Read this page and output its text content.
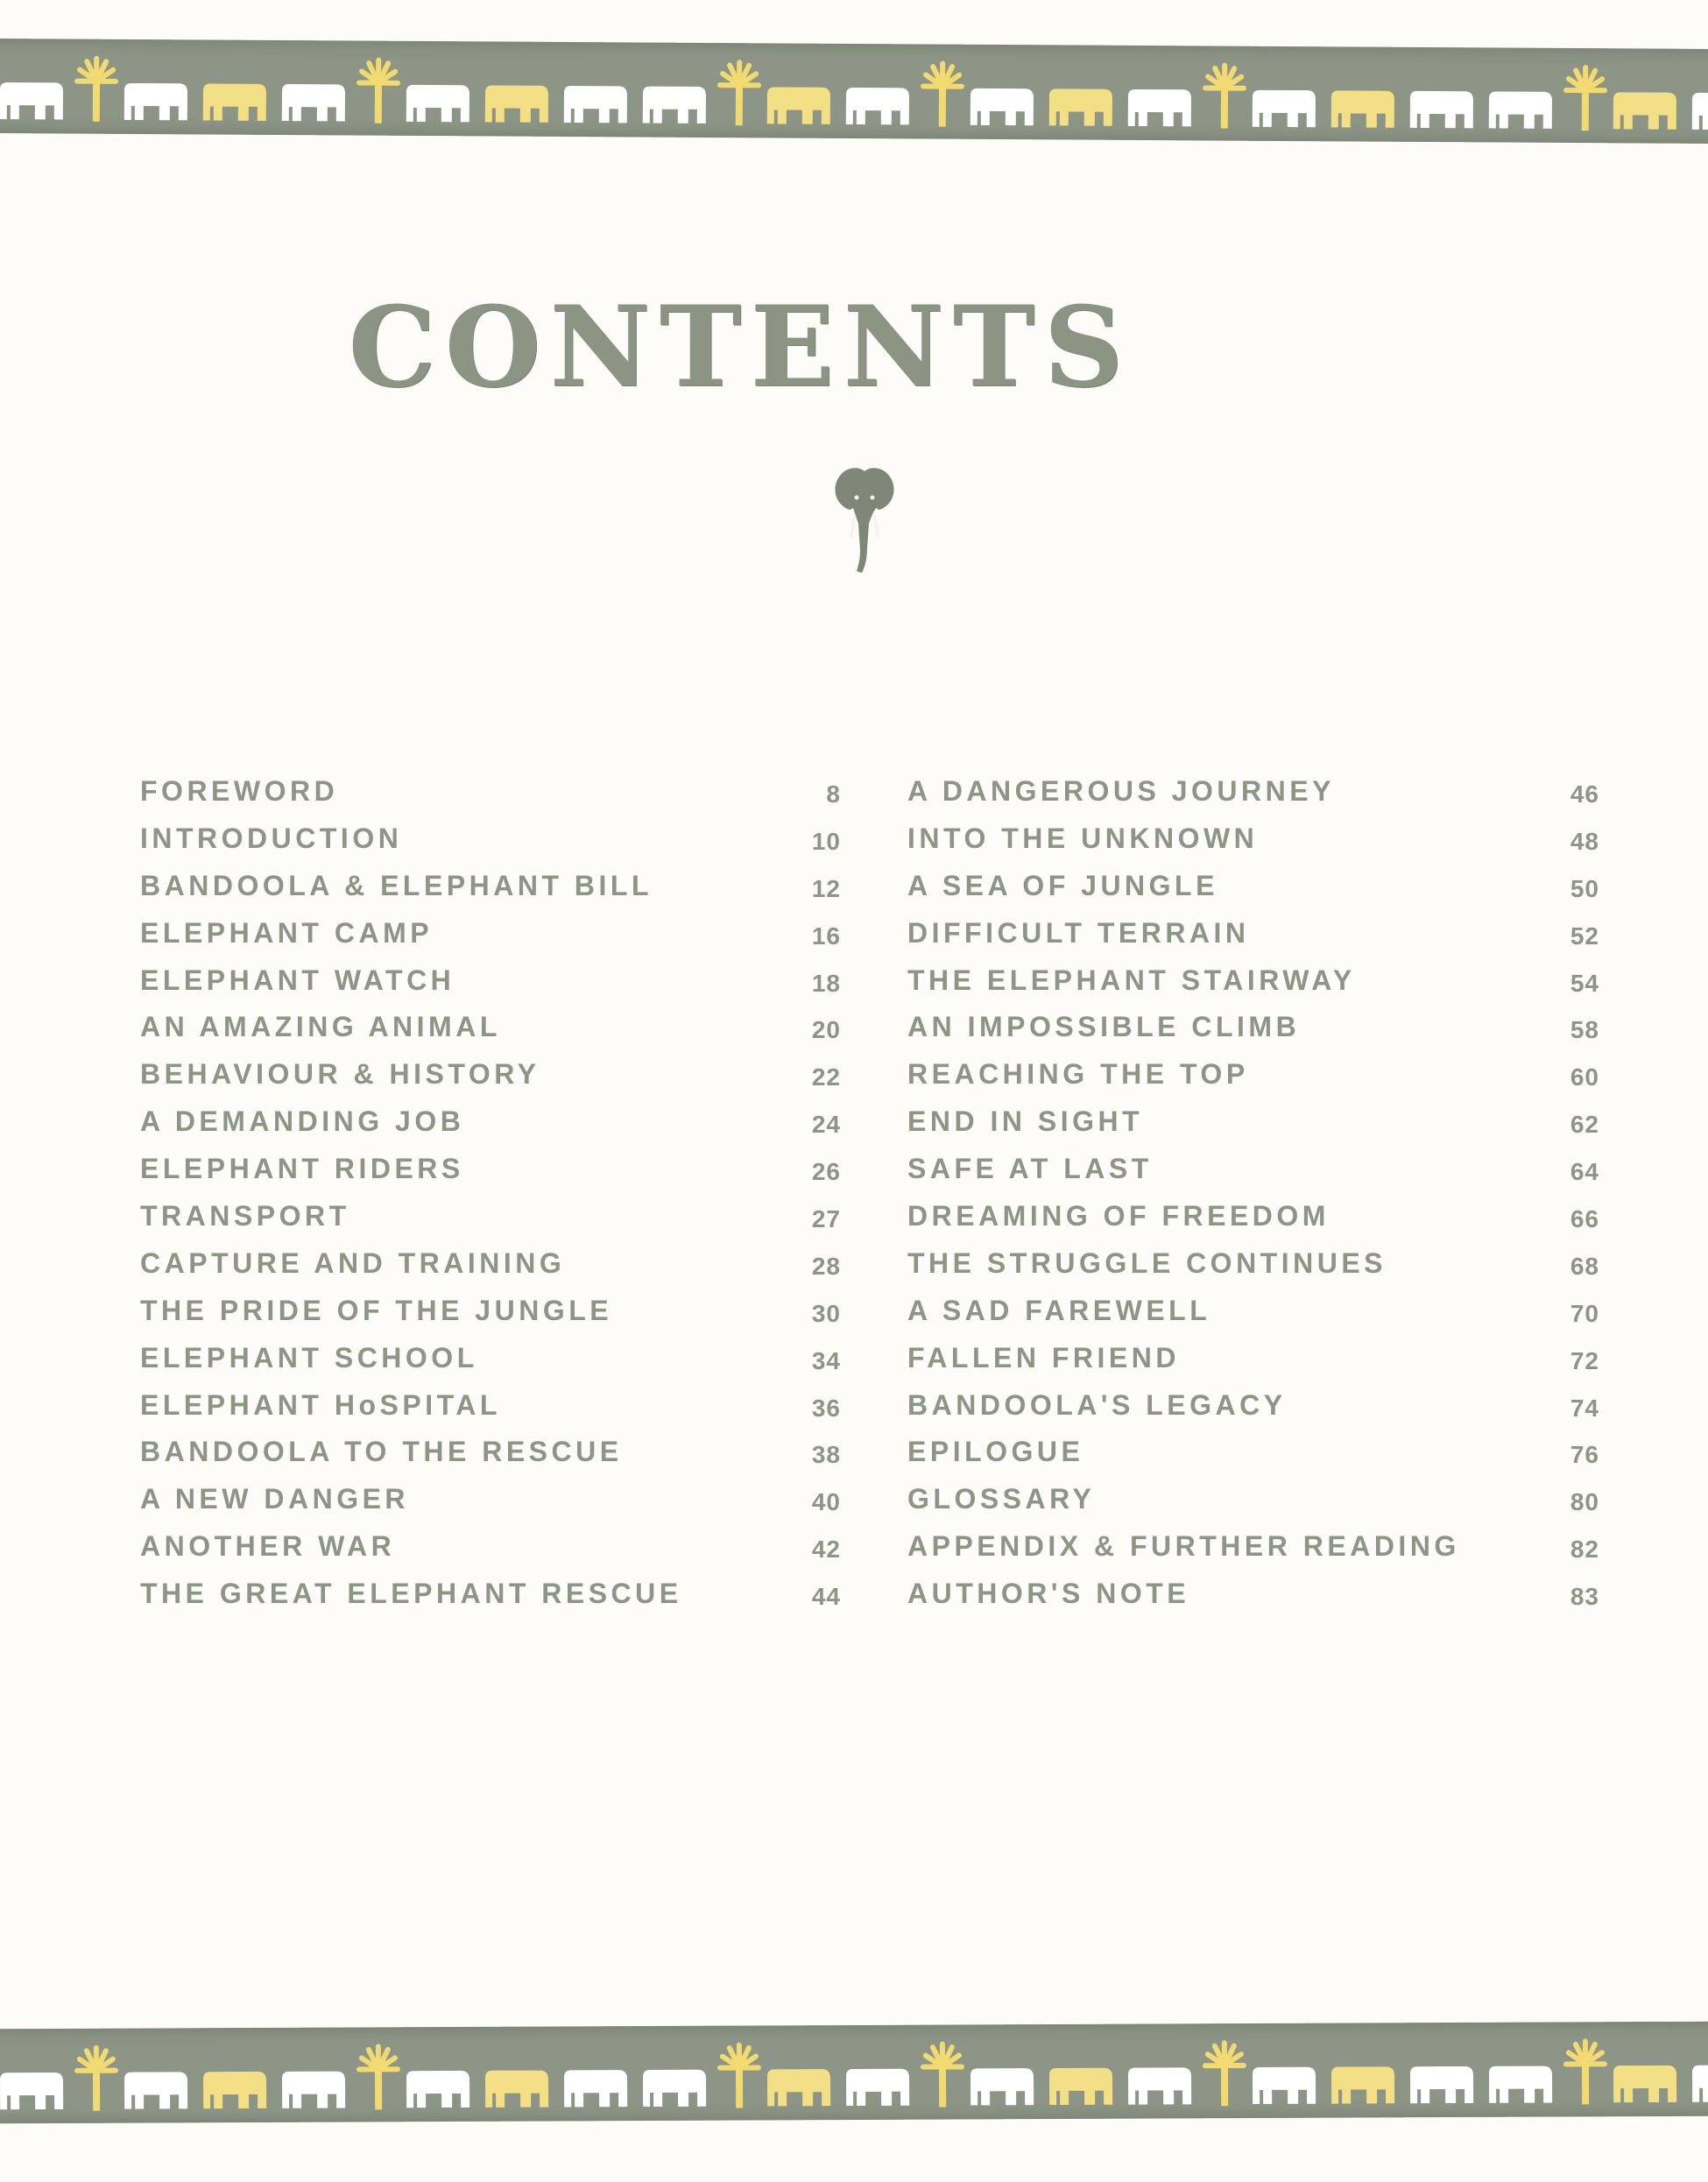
CONTENTS
FOREWORD	8
INTRODUCTION	10
BANDOOLA & ELEPHANT BILL	12
ELEPHANT CAMP	16
ELEPHANT WATCH	18
AN AMAZING ANIMAL	20
BEHAVIOUR & HISTORY	22
A DEMANDING JOB	24
ELEPHANT RIDERS	26
TRANSPORT	27
CAPTURE AND TRAINING	28
THE PRIDE OF THE JUNGLE	30
ELEPHANT SCHOOL	34
ELEPHANT HoSPITAL	36
BANDOOLA TO THE RESCUE	38
A NEW DANGER	40
ANOTHER WAR	42
THE GREAT ELEPHANT RESCUE	44
A DANGEROUS JOURNEY	46
INTO THE UNKNOWN	48
A SEA OF JUNGLE	50
DIFFICULT TERRAIN	52
THE ELEPHANT STAIRWAY	54
AN IMPOSSIBLE CLIMB	58
REACHING THE TOP	60
END IN SIGHT	62
SAFE AT LAST	64
DREAMING OF FREEDOM	66
THE STRUGGLE CONTINUES	68
A SAD FAREWELL	70
FALLEN FRIEND	72
BANDOOLA'S LEGACY	74
EPILOGUE	76
GLOSSARY	80
APPENDIX & FURTHER READING	82
AUTHOR'S NOTE	83
